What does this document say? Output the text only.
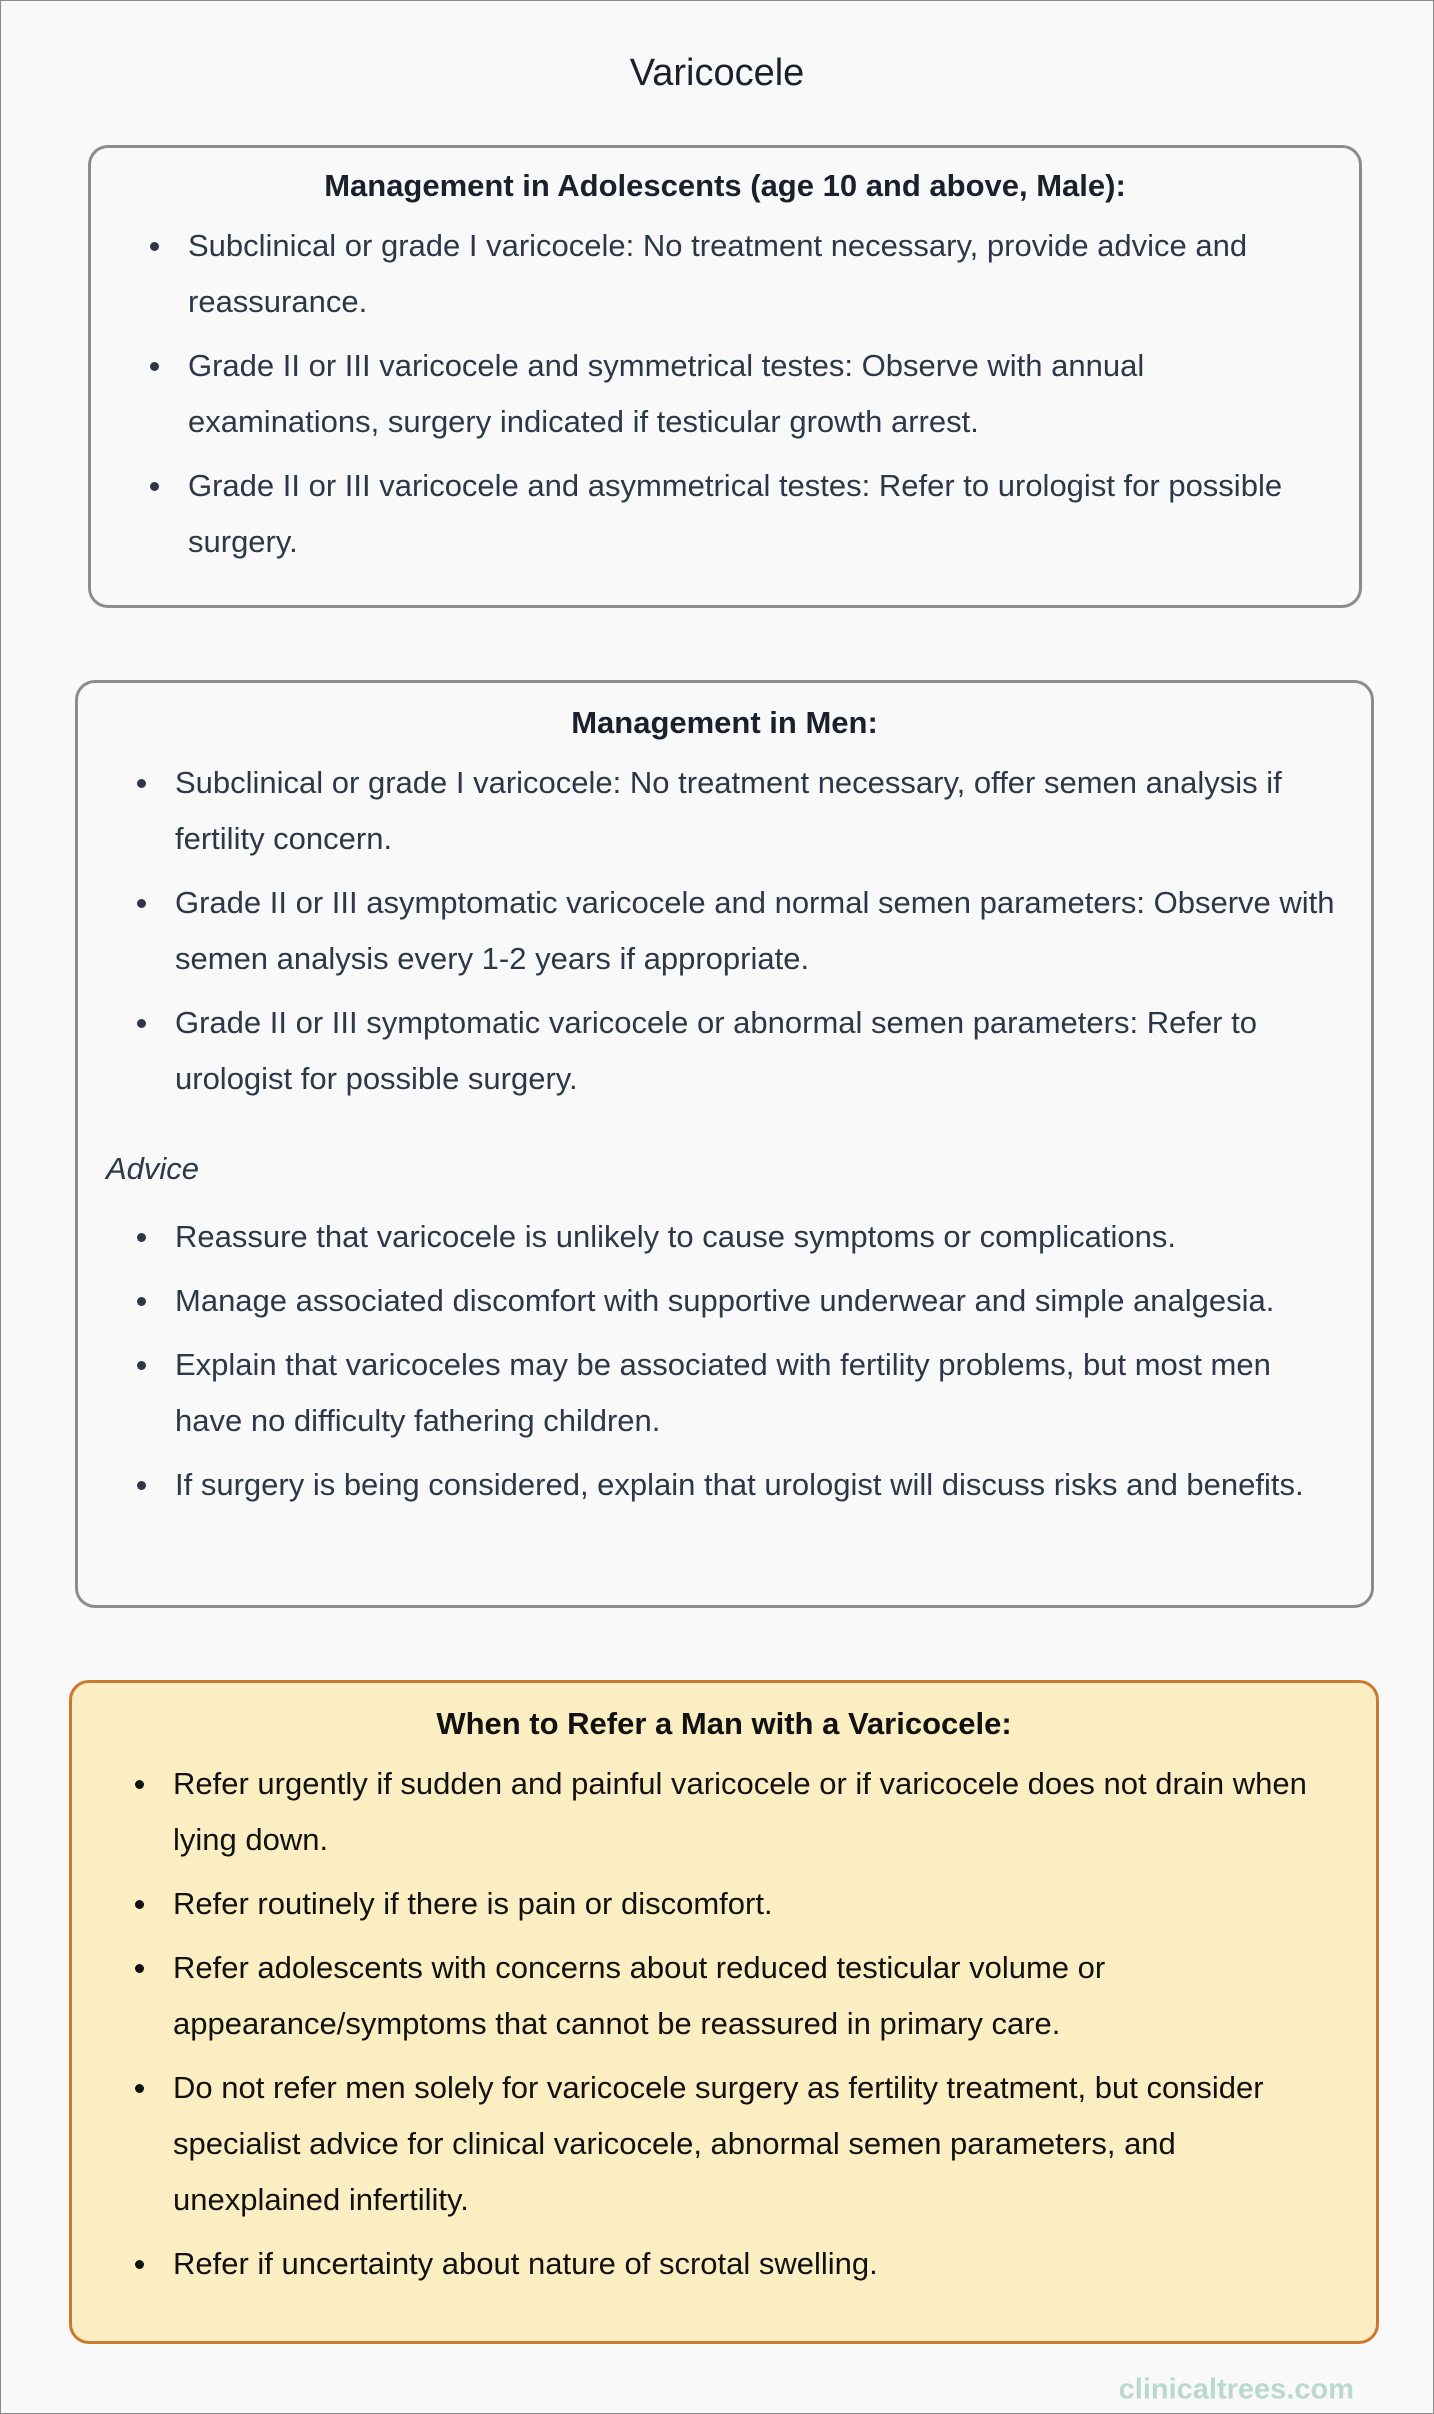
Varicocele
Management in Adolescents (age 10 and above, Male):
Subclinical or grade I varicocele: No treatment necessary, provide advice and reassurance.
Grade II or III varicocele and symmetrical testes: Observe with annual examinations, surgery indicated if testicular growth arrest.
Grade II or III varicocele and asymmetrical testes: Refer to urologist for possible surgery.
Management in Men:
Subclinical or grade I varicocele: No treatment necessary, offer semen analysis if fertility concern.
Grade II or III asymptomatic varicocele and normal semen parameters: Observe with semen analysis every 1-2 years if appropriate.
Grade II or III symptomatic varicocele or abnormal semen parameters: Refer to urologist for possible surgery.
Advice
Reassure that varicocele is unlikely to cause symptoms or complications.
Manage associated discomfort with supportive underwear and simple analgesia.
Explain that varicoceles may be associated with fertility problems, but most men have no difficulty fathering children.
If surgery is being considered, explain that urologist will discuss risks and benefits.
When to Refer a Man with a Varicocele:
Refer urgently if sudden and painful varicocele or if varicocele does not drain when lying down.
Refer routinely if there is pain or discomfort.
Refer adolescents with concerns about reduced testicular volume or appearance/symptoms that cannot be reassured in primary care.
Do not refer men solely for varicocele surgery as fertility treatment, but consider specialist advice for clinical varicocele, abnormal semen parameters, and unexplained infertility.
Refer if uncertainty about nature of scrotal swelling.
clinicaltrees.com
